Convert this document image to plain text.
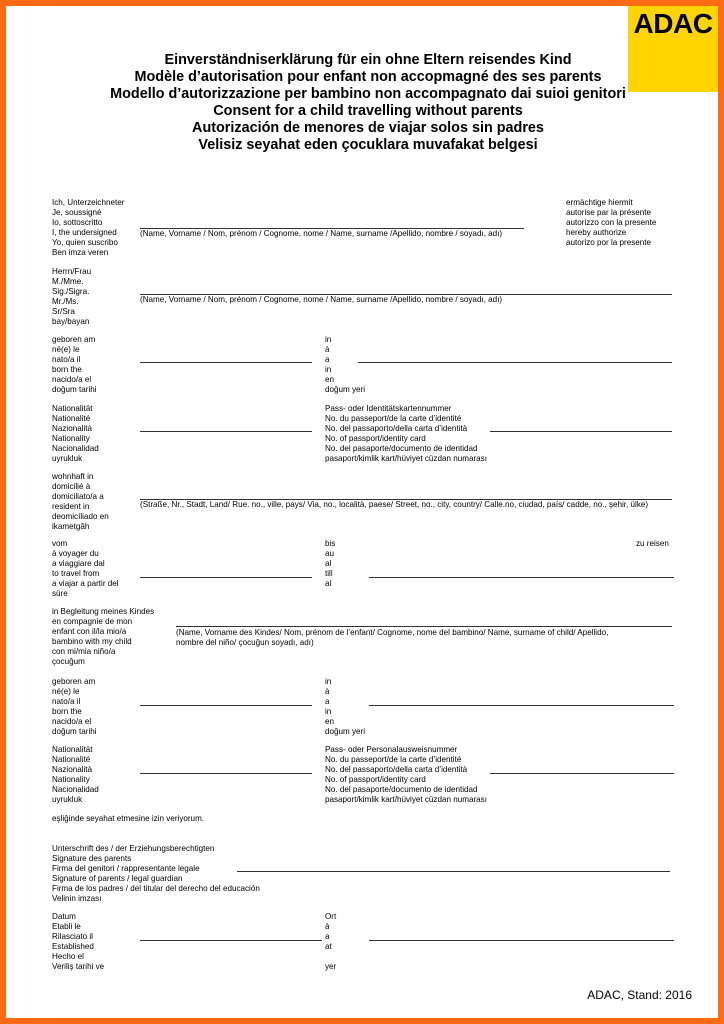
ADAC
Einverständniserklärung für ein ohne Eltern reisendes Kind
Modèle d’autorisation pour enfant non accopmagné des ses parents
Modello d’autorizzazione per bambino non accompagnato dai suioi genitori
Consent for a child travelling without parents
Autorización de menores de viajar solos sin padres
Velisiz seyahat eden çocuklara muvafakat belgesi
Ich, Unterzeichneter
Je, soussigné
Io, sottoscritto
I, the undersigned
Yo, quien suscribo
Ben imza veren
(Name, Vorname / Nom, prénom / Cognome, nome / Name, surname /Apellido, nombre / soyadı, adı)
ermächtige hiermit
autorise par la présente
autorizzo con la presente
hereby authorize
autorizo por la presente
Herrn/Frau
M./Mme.
Sig./Sigra.
Mr./Ms.
Sr/Sra
bay/bayan
(Name, Vorname / Nom, prénom / Cognome, nome / Name, surname /Apellido, nombre / soyadı, adı)
geboren am
né(e) le
nato/a il
born the
nacido/a el
doğum tarihi
in
à
a
in
en
doğum yeri
Nationalität
Nationalité
Nazionalità
Nationality
Nacionalidad
uyrukluk
Pass- oder Identitätskartennummer
No. du passeport/de la carte d’identité
No. del passaporto/della carta d’identità
No. of passport/identity card
No. del pasaporte/documento de identidad
pasaport/kimlik kart/hüviyet cüzdan numarası
wohnhaft in
domicilié à
domiciliato/a a
resident in
deomicíliado en
ikametgâh
(Straße, Nr., Stadt, Land/ Rue. no., ville, pays/ Via, no., località, paese/ Street, no., city, country/ Calle.no, ciudad, país/ cadde, no., şehir, ülke)
vom
à voyager du
a viaggiare dal
to travel from
a viajar a partir del
süre
bis
au
al
till
al
zu reisen
in Begleitung meines Kindes
en compagnie de mon
enfant con il/la mio/a
bambino with my child
con mi/mia niño/a
çocuğum
(Name, Vorname des Kindes/ Nom, prénom de l’enfant/ Cognome, nome del bambino/ Name, surname of child/ Apellido,
nombre del niño/ çocuğun soyadı, adı)
geboren am
né(e) le
nato/a il
born the
nacido/a el
doğum tarihi
in
à
a
in
en
doğum yeri
Nationalität
Nationalité
Nazionalità
Nationality
Nacionalidad
uyrukluk
Pass- oder Personalausweisnummer
No. du passeport/de la carte d’identité
No. del passaporto/della carta d’identità
No. of passport/identity card
No. del pasaporte/documento de identidad
pasaport/kimlik kart/hüviyet cüzdan numarası
eşliğinde seyahat etmesine izin veriyorum.
Unterschrift des / der Erziehungsberechtigten
Signature des parents
Firma del genitori / rappresentante legale
Signature of parents / legal guardian
Firma de los padres / del titular del derecho del educación
Velinin imzası
Datum
Etabli le
Rilasciato il
Established
Hecho el
Veriliş tarihi ve
Ort
à
a
at

yer
ADAC, Stand: 2016
